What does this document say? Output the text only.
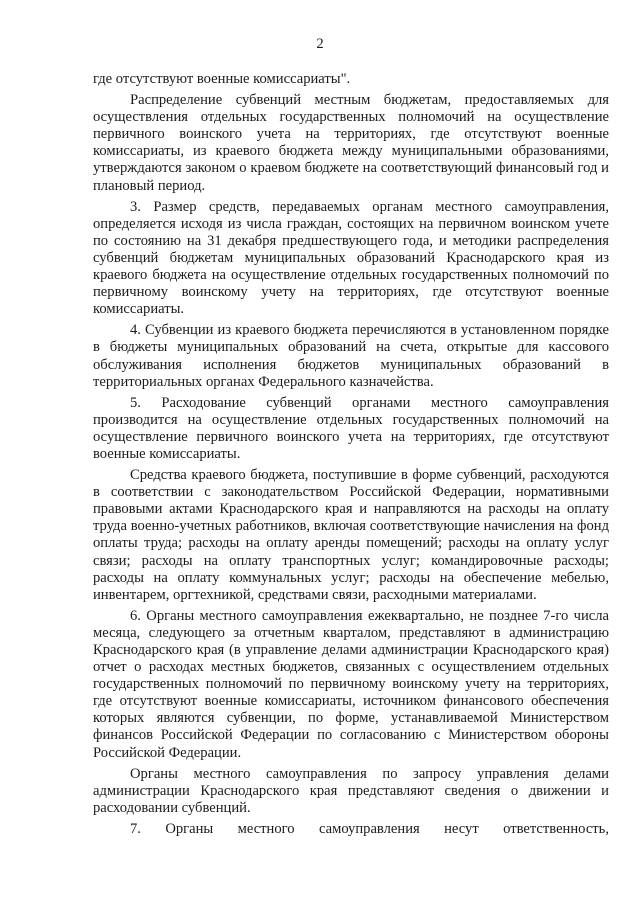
2

где отсутствуют военные комиссариаты".

Распределение субвенций местным бюджетам, предоставляемых для осуществления отдельных государственных полномочий на осуществление первичного воинского учета на территориях, где отсутствуют военные комиссариаты, из краевого бюджета между муниципальными образованиями, утверждаются законом о краевом бюджете на соответствующий финансовый год и плановый период.

3. Размер средств, передаваемых органам местного самоуправления, определяется исходя из числа граждан, состоящих на первичном воинском учете по состоянию на 31 декабря предшествующего года, и методики распределения субвенций бюджетам муниципальных образований Краснодарского края из краевого бюджета на осуществление отдельных государственных полномочий по первичному воинскому учету на территориях, где отсутствуют военные комиссариаты.

4. Субвенции из краевого бюджета перечисляются в установленном порядке в бюджеты муниципальных образований на счета, открытые для кассового обслуживания исполнения бюджетов муниципальных образований в территориальных органах Федерального казначейства.

5. Расходование субвенций органами местного самоуправления производится на осуществление отдельных государственных полномочий на осуществление первичного воинского учета на территориях, где отсутствуют военные комиссариаты.

Средства краевого бюджета, поступившие в форме субвенций, расходуются в соответствии с законодательством Российской Федерации, нормативными правовыми актами Краснодарского края и направляются на расходы на оплату труда военно-учетных работников, включая соответствующие начисления на фонд оплаты труда; расходы на оплату аренды помещений; расходы на оплату услуг связи; расходы на оплату транспортных услуг; командировочные расходы; расходы на оплату коммунальных услуг; расходы на обеспечение мебелью, инвентарем, оргтехникой, средствами связи, расходными материалами.

6. Органы местного самоуправления ежеквартально, не позднее 7-го числа месяца, следующего за отчетным кварталом, представляют в администрацию Краснодарского края (в управление делами администрации Краснодарского края) отчет о расходах местных бюджетов, связанных с осуществлением отдельных государственных полномочий по первичному воинскому учету на территориях, где отсутствуют военные комиссариаты, источником финансового обеспечения которых являются субвенции, по форме, устанавливаемой Министерством финансов Российской Федерации по согласованию с Министерством обороны Российской Федерации.

Органы местного самоуправления по запросу управления делами администрации Краснодарского края представляют сведения о движении и расходовании субвенций.

7. Органы местного самоуправления несут ответственность,
